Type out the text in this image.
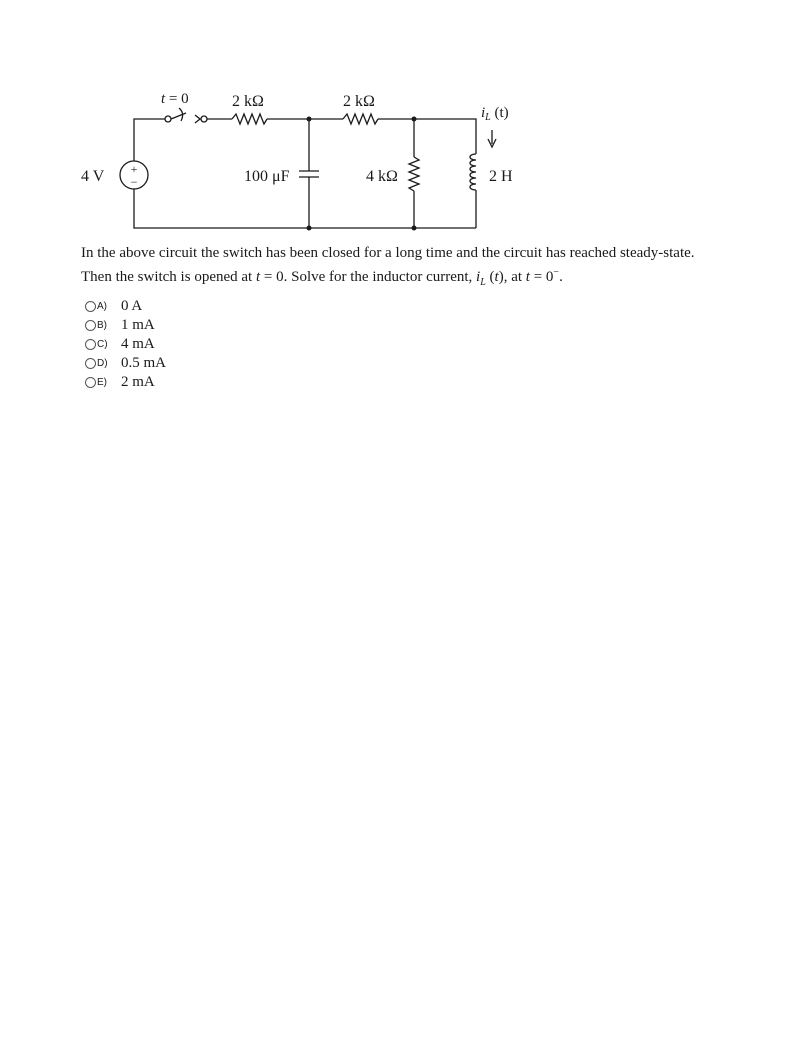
+
−
t = 0	2 kΩ	2 kΩ
4 V	100 μF	4 kΩ	2 H
$i_L$ (t)

In the above circuit the switch has been closed for a long time and the circuit has reached steady-state.

Then the switch is opened at t = 0. Solve for the inductor current, $i_L$ (t), at t = 0−.

A) 0 A
B) 1 mA
C) 4 mA
D) 0.5 mA
E) 2 mA
